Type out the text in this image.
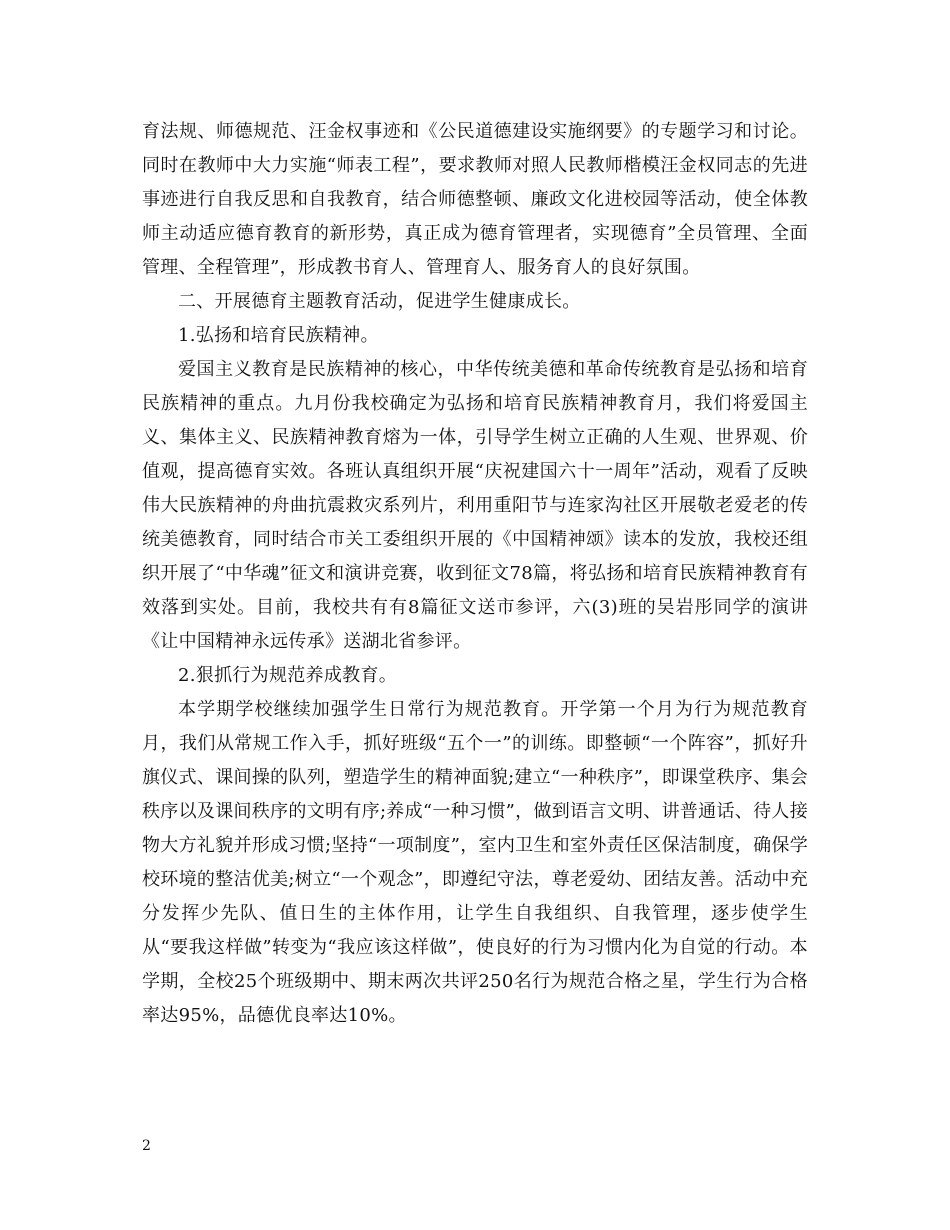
育法规、师德规范、汪金权事迹和《公民道德建设实施纲要》的专题学习和讨论。同时在教师中大力实施“师表工程”，要求教师对照人民教师楷模汪金权同志的先进事迹进行自我反思和自我教育，结合师德整顿、廉政文化进校园等活动，使全体教师主动适应德育教育的新形势，真正成为德育管理者，实现德育”全员管理、全面管理、全程管理”，形成教书育人、管理育人、服务育人的良好氛围。

二、开展德育主题教育活动，促进学生健康成长。

1.弘扬和培育民族精神。

爱国主义教育是民族精神的核心，中华传统美德和革命传统教育是弘扬和培育民族精神的重点。九月份我校确定为弘扬和培育民族精神教育月，我们将爱国主义、集体主义、民族精神教育熔为一体，引导学生树立正确的人生观、世界观、价值观，提高德育实效。各班认真组织开展“庆祝建国六十一周年”活动，观看了反映伟大民族精神的舟曲抗震救灾系列片，利用重阳节与连家沟社区开展敬老爱老的传统美德教育，同时结合市关工委组织开展的《中国精神颂》读本的发放，我校还组织开展了“中华魂”征文和演讲竞赛，收到征文78篇，将弘扬和培育民族精神教育有效落到实处。目前，我校共有有8篇征文送市参评，六(3)班的吴岩彤同学的演讲《让中国精神永远传承》送湖北省参评。

2.狠抓行为规范养成教育。

本学期学校继续加强学生日常行为规范教育。开学第一个月为行为规范教育月，我们从常规工作入手，抓好班级“五个一”的训练。即整顿“一个阵容”，抓好升旗仪式、课间操的队列，塑造学生的精神面貌;建立“一种秩序”，即课堂秩序、集会秩序以及课间秩序的文明有序;养成“一种习惯”，做到语言文明、讲普通话、待人接物大方礼貌并形成习惯;坚持“一项制度”，室内卫生和室外责任区保洁制度，确保学校环境的整洁优美;树立“一个观念”，即遵纪守法，尊老爱幼、团结友善。活动中充分发挥少先队、值日生的主体作用，让学生自我组织、自我管理，逐步使学生从“要我这样做”转变为“我应该这样做”，使良好的行为习惯内化为自觉的行动。本学期，全校25个班级期中、期末两次共评250名行为规范合格之星，学生行为合格率达95%，品德优良率达10%。

2
